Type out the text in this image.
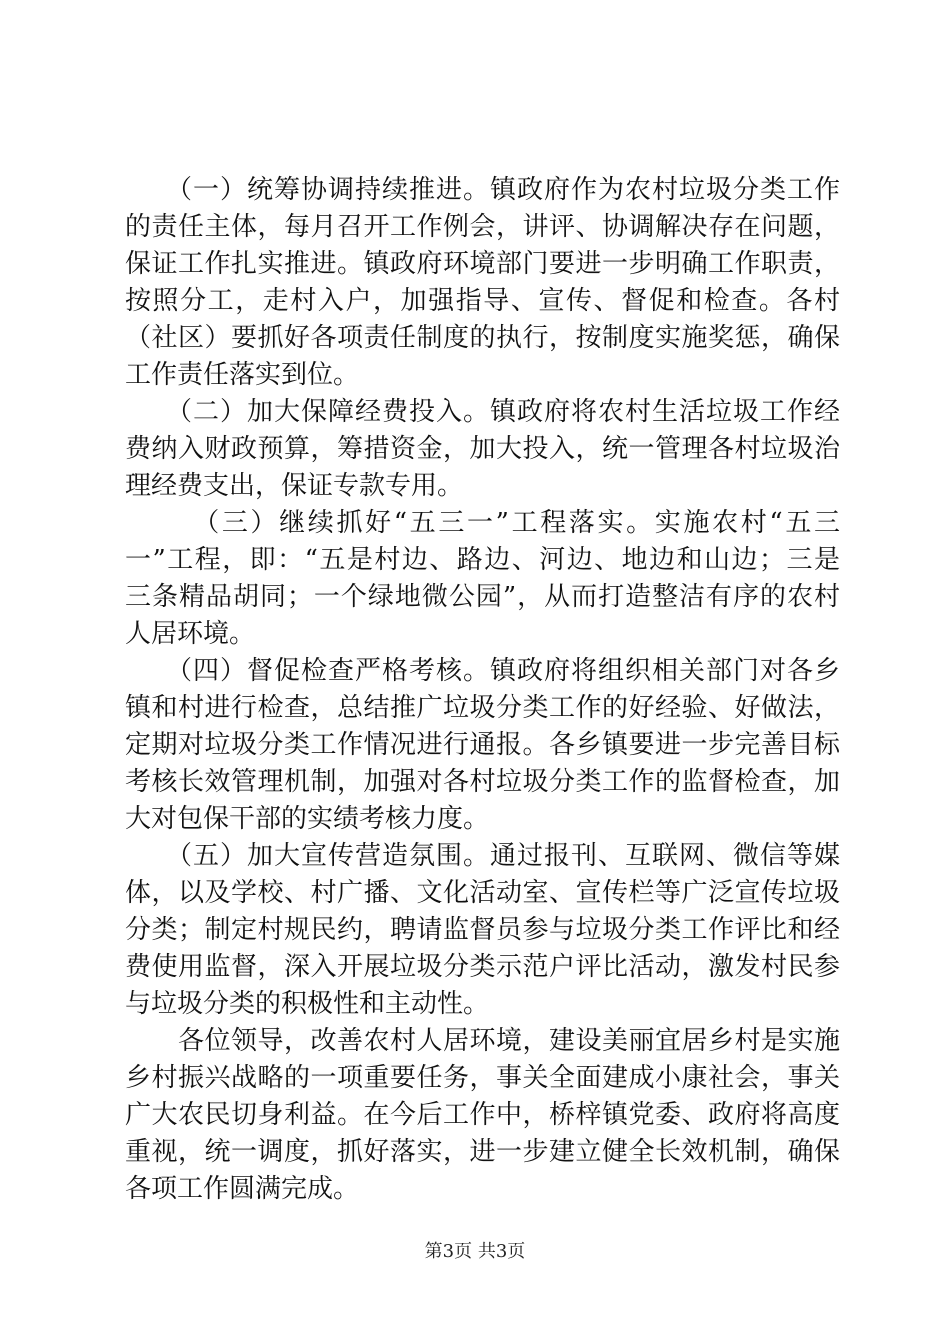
　　（一）统筹协调持续推进。镇政府作为农村垃圾分类工作
的责任主体，每月召开工作例会，讲评、协调解决存在问题，
保证工作扎实推进。镇政府环境部门要进一步明确工作职责，
按照分工，走村入户，加强指导、宣传、督促和检查。各村
（社区）要抓好各项责任制度的执行，按制度实施奖惩，确保
工作责任落实到位。
　　（二）加大保障经费投入。镇政府将农村生活垃圾工作经
费纳入财政预算，筹措资金，加大投入，统一管理各村垃圾治
理经费支出，保证专款专用。
　　 （三）继续抓好“五三一”工程落实。实施农村“五三
一”工程，即：“五是村边、路边、河边、地边和山边；三是
三条精品胡同；一个绿地微公园”，从而打造整洁有序的农村
人居环境。
　　（四）督促检查严格考核。镇政府将组织相关部门对各乡
镇和村进行检查，总结推广垃圾分类工作的好经验、好做法，
定期对垃圾分类工作情况进行通报。各乡镇要进一步完善目标
考核长效管理机制，加强对各村垃圾分类工作的监督检查，加
大对包保干部的实绩考核力度。
　　（五）加大宣传营造氛围。通过报刊、互联网、微信等媒
体，以及学校、村广播、文化活动室、宣传栏等广泛宣传垃圾
分类；制定村规民约，聘请监督员参与垃圾分类工作评比和经
费使用监督，深入开展垃圾分类示范户评比活动，激发村民参
与垃圾分类的积极性和主动性。
　　各位领导，改善农村人居环境，建设美丽宜居乡村是实施
乡村振兴战略的一项重要任务，事关全面建成小康社会，事关
广大农民切身利益。在今后工作中，桥梓镇党委、政府将高度
重视，统一调度，抓好落实，进一步建立健全长效机制，确保
各项工作圆满完成。
第3页 共3页
